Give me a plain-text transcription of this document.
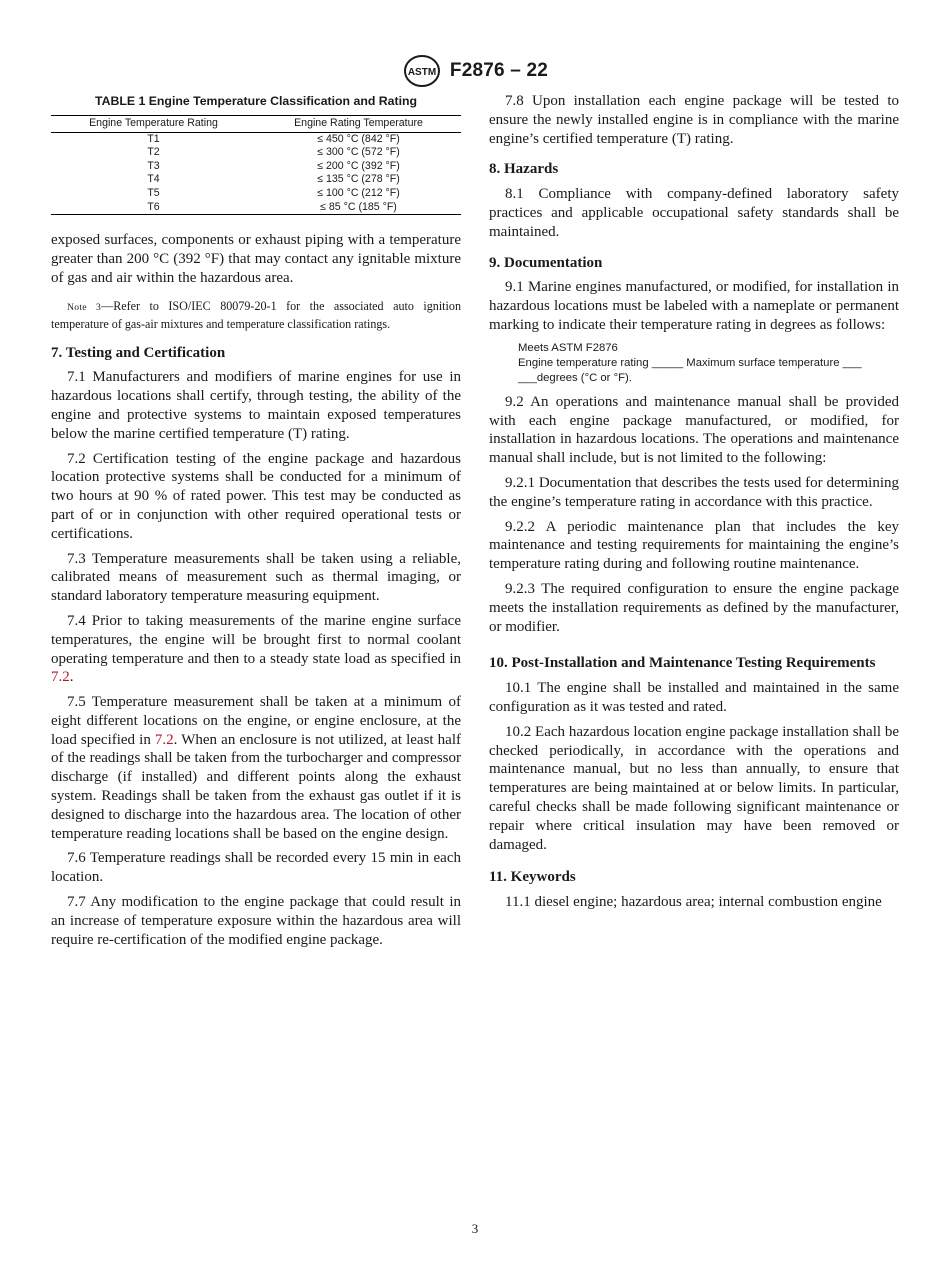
ASTM F2876 – 22
TABLE 1 Engine Temperature Classification and Rating
Engine Temperature Rating	Engine Rating Temperature
T1	≤ 450 °C (842 °F)
T2	≤ 300 °C (572 °F)
T3	≤ 200 °C (392 °F)
T4	≤ 135 °C (278 °F)
T5	≤ 100 °C (212 °F)
T6	≤ 85 °C (185 °F)

exposed surfaces, components or exhaust piping with a temperature greater than 200 °C (392 °F) that may contact any ignitable mixture of gas and air within the hazardous area.

Note 3—Refer to ISO/IEC 80079-20-1 for the associated auto ignition temperature of gas-air mixtures and temperature classification ratings.

7. Testing and Certification

7.1 Manufacturers and modifiers of marine engines for use in hazardous locations shall certify, through testing, the ability of the engine and protective systems to maintain exposed temperatures below the marine certified temperature (T) rating.

7.2 Certification testing of the engine package and hazardous location protective systems shall be conducted for a minimum of two hours at 90 % of rated power. This test may be conducted as part of or in conjunction with other required operational tests or certifications.

7.3 Temperature measurements shall be taken using a reliable, calibrated means of measurement such as thermal imaging, or standard laboratory temperature measuring equipment.

7.4 Prior to taking measurements of the marine engine surface temperatures, the engine will be brought first to normal coolant operating temperature and then to a steady state load as specified in 7.2.

7.5 Temperature measurement shall be taken at a minimum of eight different locations on the engine, or engine enclosure, at the load specified in 7.2. When an enclosure is not utilized, at least half of the readings shall be taken from the turbocharger and compressor discharge (if installed) and different points along the exhaust system. Readings shall be taken from the exhaust gas outlet if it is designed to discharge into the hazardous area. The location of other temperature reading locations shall be based on the engine design.

7.6 Temperature readings shall be recorded every 15 min in each location.

7.7 Any modification to the engine package that could result in an increase of temperature exposure within the hazardous area will require re-certification of the modified engine package.

7.8 Upon installation each engine package will be tested to ensure the newly installed engine is in compliance with the marine engine’s certified temperature (T) rating.

8. Hazards

8.1 Compliance with company-defined laboratory safety practices and applicable occupational safety standards shall be maintained.

9. Documentation

9.1 Marine engines manufactured, or modified, for installation in hazardous locations must be labeled with a nameplate or permanent marking to indicate their temperature rating in degrees as follows:

Meets ASTM F2876
Engine temperature rating _____ Maximum surface temperature ___
___degrees (°C or °F).

9.2 An operations and maintenance manual shall be provided with each engine package manufactured, or modified, for installation in hazardous locations. The operations and maintenance manual shall include, but is not limited to the following:

9.2.1 Documentation that describes the tests used for determining the engine’s temperature rating in accordance with this practice.

9.2.2 A periodic maintenance plan that includes the key maintenance and testing requirements for maintaining the engine’s temperature rating during and following routine maintenance.

9.2.3 The required configuration to ensure the engine package meets the installation requirements as defined by the manufacturer, or modifier.

10. Post-Installation and Maintenance Testing Requirements

10.1 The engine shall be installed and maintained in the same configuration as it was tested and rated.

10.2 Each hazardous location engine package installation shall be checked periodically, in accordance with the operations and maintenance manual, but no less than annually, to ensure that temperatures are being maintained at or below limits. In particular, careful checks shall be made following significant maintenance or repair where critical insulation may have been removed or damaged.

11. Keywords

11.1 diesel engine; hazardous area; internal combustion engine

3
